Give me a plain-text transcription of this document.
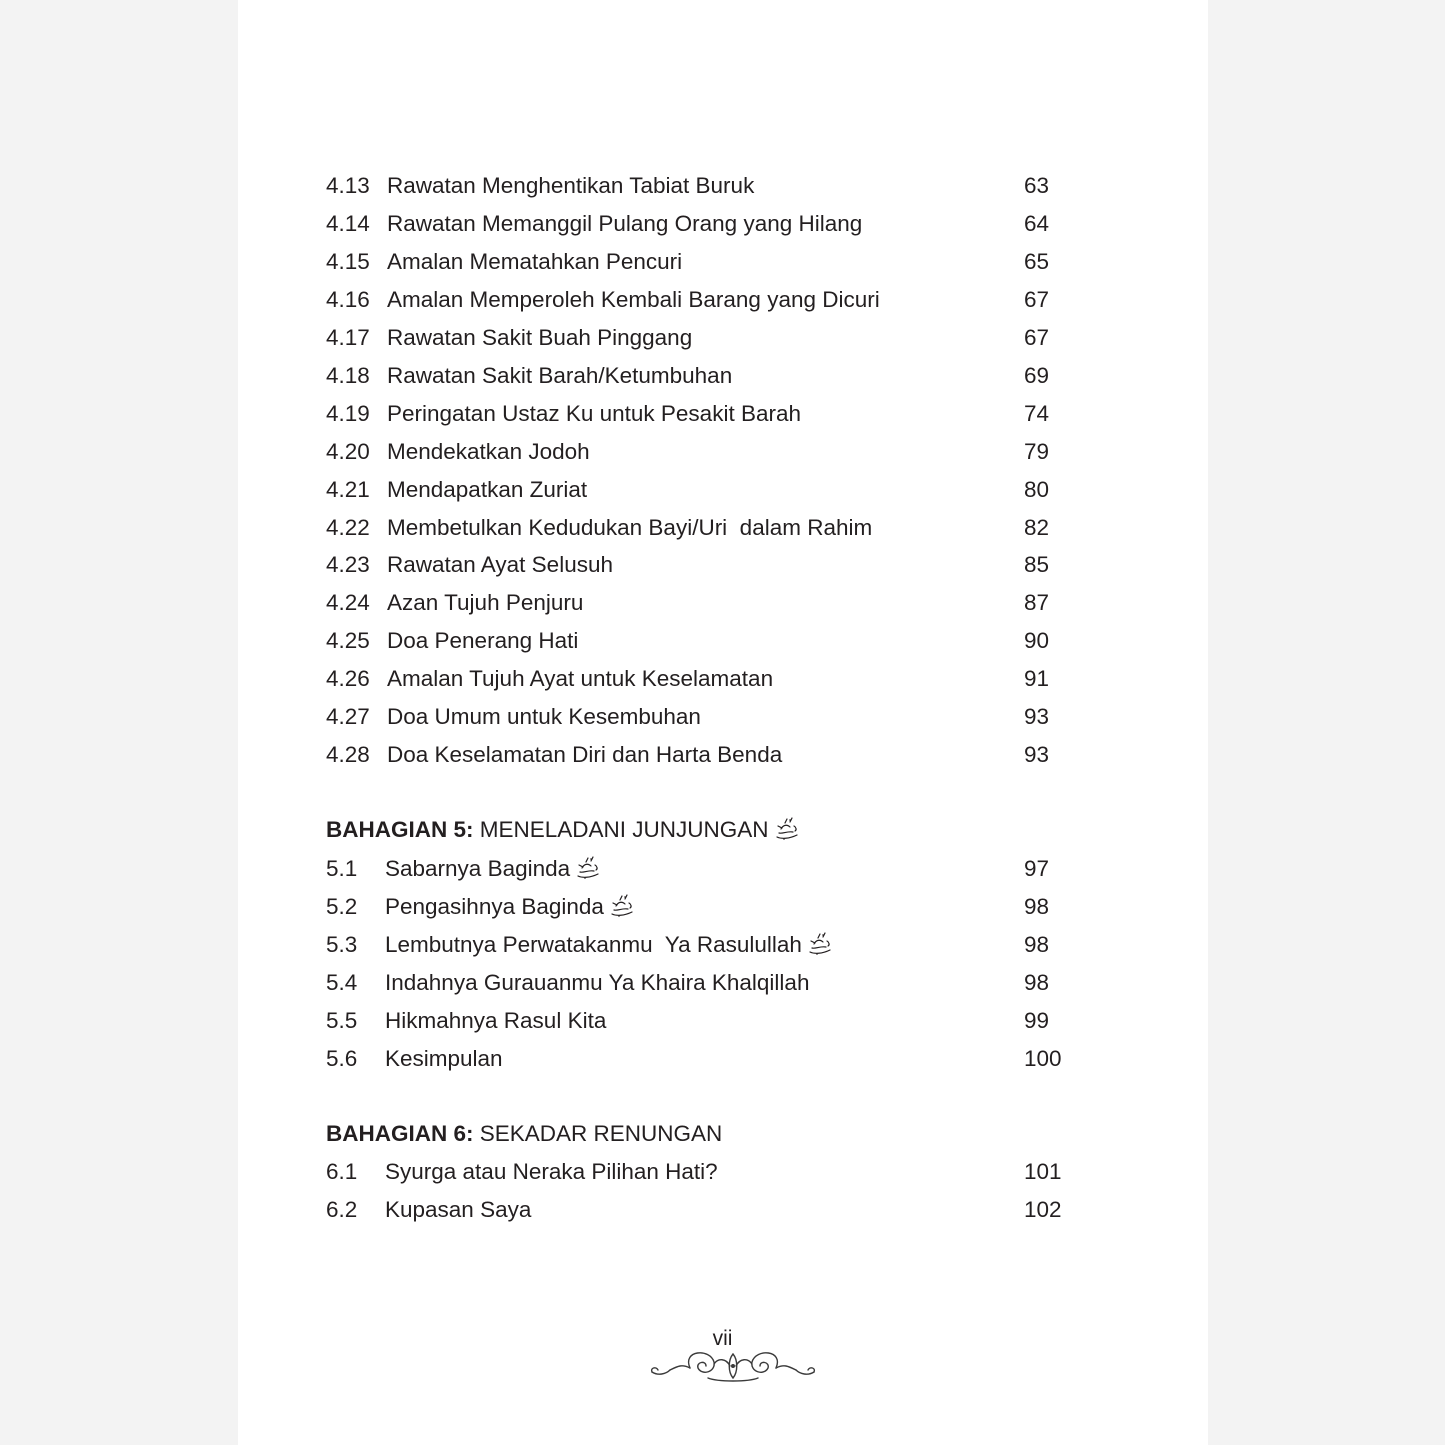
4.13 Rawatan Menghentikan Tabiat Buruk	63
4.14 Rawatan Memanggil Pulang Orang yang Hilang	64
4.15 Amalan Mematahkan Pencuri	65
4.16 Amalan Memperoleh Kembali Barang yang Dicuri	67
4.17 Rawatan Sakit Buah Pinggang	67
4.18 Rawatan Sakit Barah/Ketumbuhan	69
4.19 Peringatan Ustaz Ku untuk Pesakit Barah	74
4.20 Mendekatkan Jodoh	79
4.21 Mendapatkan Zuriat	80
4.22 Membetulkan Kedudukan Bayi/Uri  dalam Rahim	82
4.23 Rawatan Ayat Selusuh	85
4.24 Azan Tujuh Penjuru	87
4.25 Doa Penerang Hati	90
4.26 Amalan Tujuh Ayat untuk Keselamatan	91
4.27 Doa Umum untuk Kesembuhan	93
4.28 Doa Keselamatan Diri dan Harta Benda	93
BAHAGIAN 5 : MENELADANI JUNJUNGAN
5.1 Sabarnya Baginda	97
5.2 Pengasihnya Baginda	98
5.3 Lembutnya Perwatakanmu  Ya Rasulullah	98
5.4 Indahnya Gurauanmu Ya Khaira Khalqillah	98
5.5 Hikmahnya Rasul Kita	99
5.6 Kesimpulan	100
BAHAGIAN 6 : SEKADAR RENUNGAN
6.1 Syurga atau Neraka Pilihan Hati?	101
6.2 Kupasan Saya	102
vii
